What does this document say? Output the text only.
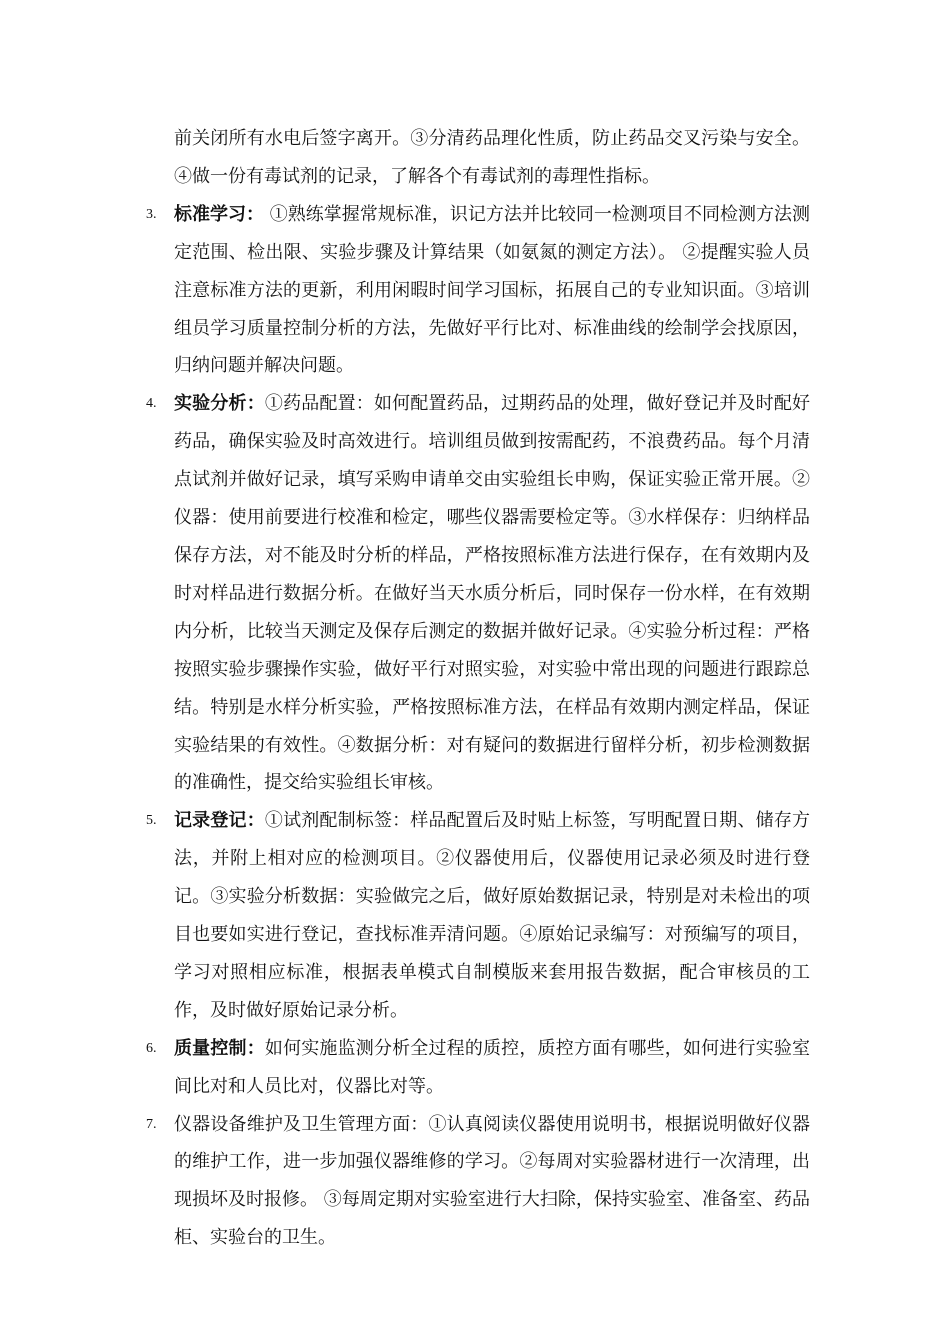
前关闭所有水电后签字离开。③分清药品理化性质，防止药品交叉污染与安全。④做一份有毒试剂的记录，了解各个有毒试剂的毒理性指标。

3. 标准学习： ①熟练掌握常规标准，识记方法并比较同一检测项目不同检测方法测定范围、检出限、实验步骤及计算结果（如氨氮的测定方法）。 ②提醒实验人员注意标准方法的更新，利用闲暇时间学习国标，拓展自己的专业知识面。③培训组员学习质量控制分析的方法，先做好平行比对、标准曲线的绘制学会找原因，归纳问题并解决问题。

4. 实验分析：①药品配置：如何配置药品，过期药品的处理，做好登记并及时配好药品，确保实验及时高效进行。培训组员做到按需配药，不浪费药品。每个月清点试剂并做好记录，填写采购申请单交由实验组长申购，保证实验正常开展。②仪器：使用前要进行校准和检定，哪些仪器需要检定等。③水样保存：归纳样品保存方法，对不能及时分析的样品，严格按照标准方法进行保存，在有效期内及时对样品进行数据分析。在做好当天水质分析后，同时保存一份水样，在有效期内分析，比较当天测定及保存后测定的数据并做好记录。④实验分析过程：严格按照实验步骤操作实验，做好平行对照实验，对实验中常出现的问题进行跟踪总结。特别是水样分析实验，严格按照标准方法，在样品有效期内测定样品，保证实验结果的有效性。④数据分析：对有疑问的数据进行留样分析，初步检测数据的准确性，提交给实验组长审核。

5. 记录登记：①试剂配制标签：样品配置后及时贴上标签，写明配置日期、储存方法，并附上相对应的检测项目。②仪器使用后，仪器使用记录必须及时进行登记。③实验分析数据：实验做完之后，做好原始数据记录，特别是对未检出的项目也要如实进行登记，查找标准弄清问题。④原始记录编写：对预编写的项目，学习对照相应标准，根据表单模式自制模版来套用报告数据，配合审核员的工作，及时做好原始记录分析。

6. 质量控制：如何实施监测分析全过程的质控，质控方面有哪些，如何进行实验室间比对和人员比对，仪器比对等。

7. 仪器设备维护及卫生管理方面：①认真阅读仪器使用说明书，根据说明做好仪器的维护工作，进一步加强仪器维修的学习。②每周对实验器材进行一次清理，出现损坏及时报修。 ③每周定期对实验室进行大扫除，保持实验室、准备室、药品柜、实验台的卫生。
